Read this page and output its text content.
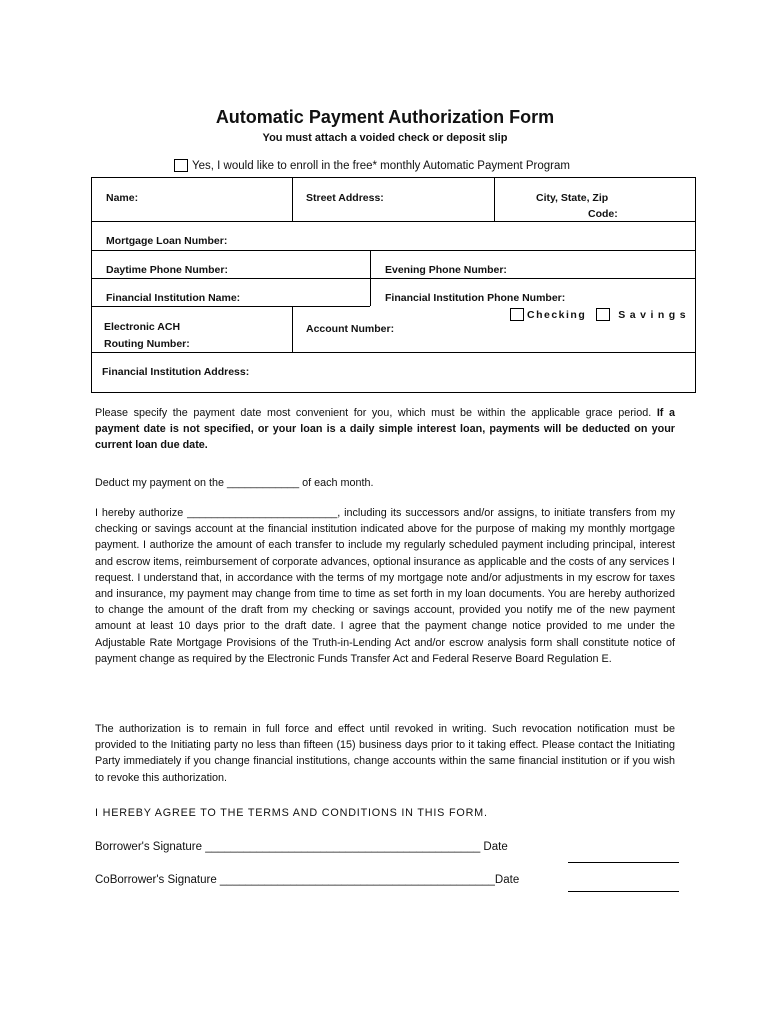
Automatic Payment Authorization Form
You must attach a voided check or deposit slip
Yes, I would like to enroll in the free* monthly Automatic Payment Program
Name:	Street Address:	City, State, Zip
Code:
Mortgage Loan Number:
Daytime Phone Number:	Evening Phone Number:
Financial Institution Name:	Financial Institution Phone Number:
Checking	Savings
Electronic ACH
Routing Number:
Account Number:
Financial Institution Address:
Please specify the payment date most convenient for you, which must be within the applicable grace period. If a payment date is not specified, or your loan is a daily simple interest loan, payments will be deducted on your current loan due date.
Deduct my payment on the ____________ of each month.
I hereby authorize _________________________, including its successors and/or assigns, to initiate transfers from my checking or savings account at the financial institution indicated above for the purpose of making my monthly mortgage payment. I authorize the amount of each transfer to include my regularly scheduled payment including principal, interest and escrow items, reimbursement of corporate advances, optional insurance as applicable and the costs of any services I request. I understand that, in accordance with the terms of my mortgage note and/or adjustments in my escrow for taxes and insurance, my payment may change from time to time as set forth in my loan documents. You are hereby authorized to change the amount of the draft from my checking or savings account, provided you notify me of the new payment amount at least 10 days prior to the draft date. I agree that the payment change notice provided to me under the Adjustable Rate Mortgage Provisions of the Truth-in-Lending Act and/or escrow analysis form shall constitute notice of payment change as required by the Electronic Funds Transfer Act and Federal Reserve Board Regulation E.
The authorization is to remain in full force and effect until revoked in writing. Such revocation notification must be provided to the Initiating party no less than fifteen (15) business days prior to it taking effect. Please contact the Initiating Party immediately if you change financial institutions, change accounts within the same financial institution or if you wish to revoke this authorization.
I HEREBY AGREE TO THE TERMS AND CONDITIONS IN THIS FORM.
Borrower's Signature ___________________________________________ Date
CoBorrower's Signature ___________________________________________Date
